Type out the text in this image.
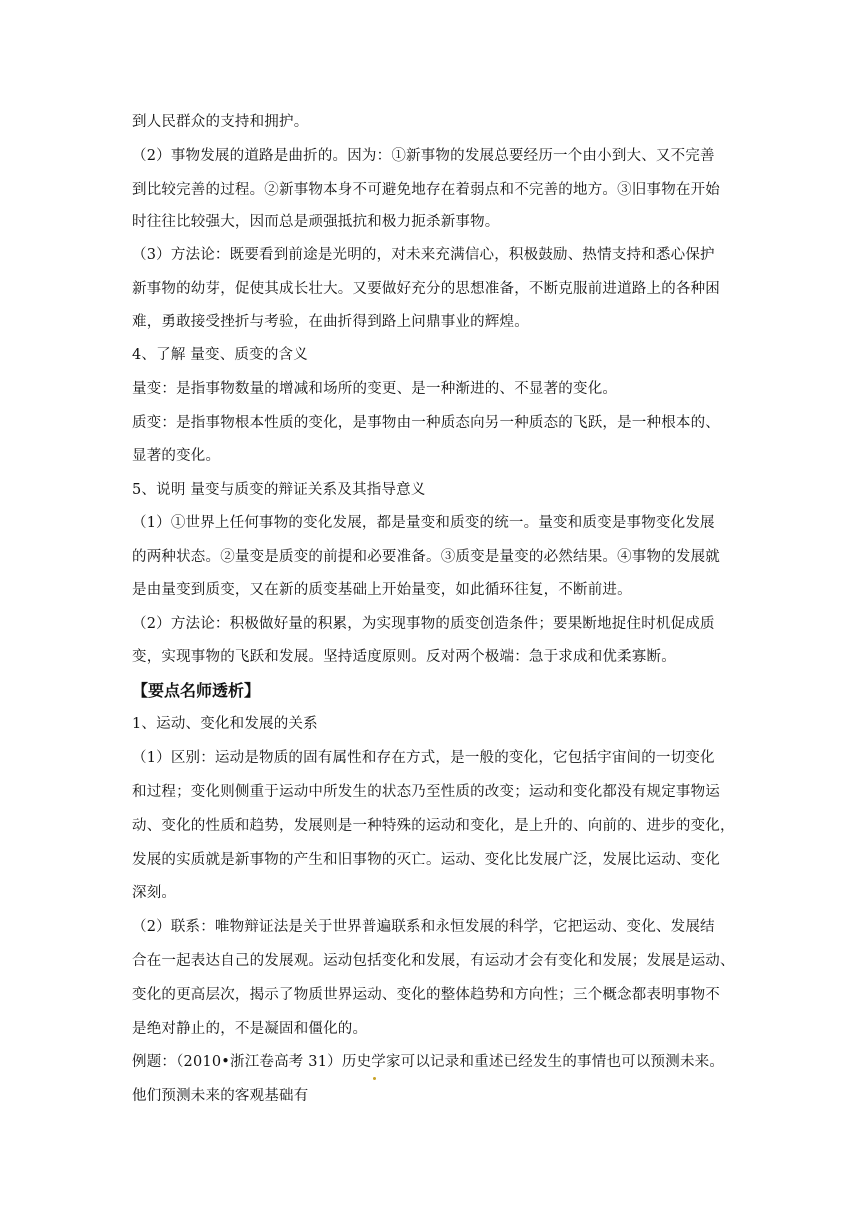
到人民群众的支持和拥护。
（2）事物发展的道路是曲折的。因为：①新事物的发展总要经历一个由小到大、又不完善
到比较完善的过程。②新事物本身不可避免地存在着弱点和不完善的地方。③旧事物在开始
时往往比较强大，因而总是顽强抵抗和极力扼杀新事物。
（3）方法论：既要看到前途是光明的，对未来充满信心，积极鼓励、热情支持和悉心保护
新事物的幼芽，促使其成长壮大。又要做好充分的思想准备，不断克服前进道路上的各种困
难，勇敢接受挫折与考验，在曲折得到路上问鼎事业的辉煌。
4、了解 量变、质变的含义
量变：是指事物数量的增减和场所的变更、是一种渐进的、不显著的变化。
质变：是指事物根本性质的变化，是事物由一种质态向另一种质态的飞跃，是一种根本的、
显著的变化。
5、说明 量变与质变的辩证关系及其指导意义
（1）①世界上任何事物的变化发展，都是量变和质变的统一。量变和质变是事物变化发展
的两种状态。②量变是质变的前提和必要准备。③质变是量变的必然结果。④事物的发展就
是由量变到质变，又在新的质变基础上开始量变，如此循环往复，不断前进。
（2）方法论：积极做好量的积累，为实现事物的质变创造条件；要果断地捉住时机促成质
变，实现事物的飞跃和发展。坚持适度原则。反对两个极端：急于求成和优柔寡断。
【要点名师透析】
1、运动、变化和发展的关系
（1）区别：运动是物质的固有属性和存在方式，是一般的变化，它包括宇宙间的一切变化
和过程；变化则侧重于运动中所发生的状态乃至性质的改变；运动和变化都没有规定事物运
动、变化的性质和趋势，发展则是一种特殊的运动和变化，是上升的、向前的、进步的变化，
发展的实质就是新事物的产生和旧事物的灭亡。运动、变化比发展广泛，发展比运动、变化
深刻。
（2）联系：唯物辩证法是关于世界普遍联系和永恒发展的科学，它把运动、变化、发展结
合在一起表达自己的发展观。运动包括变化和发展，有运动才会有变化和发展；发展是运动、
变化的更高层次，揭示了物质世界运动、变化的整体趋势和方向性；三个概念都表明事物不
是绝对静止的，不是凝固和僵化的。
例题：（2010•浙江卷高考 31）历史学家可以记录和重述已经发生的事情也可以预测未来。
他们预测未来的客观基础有
